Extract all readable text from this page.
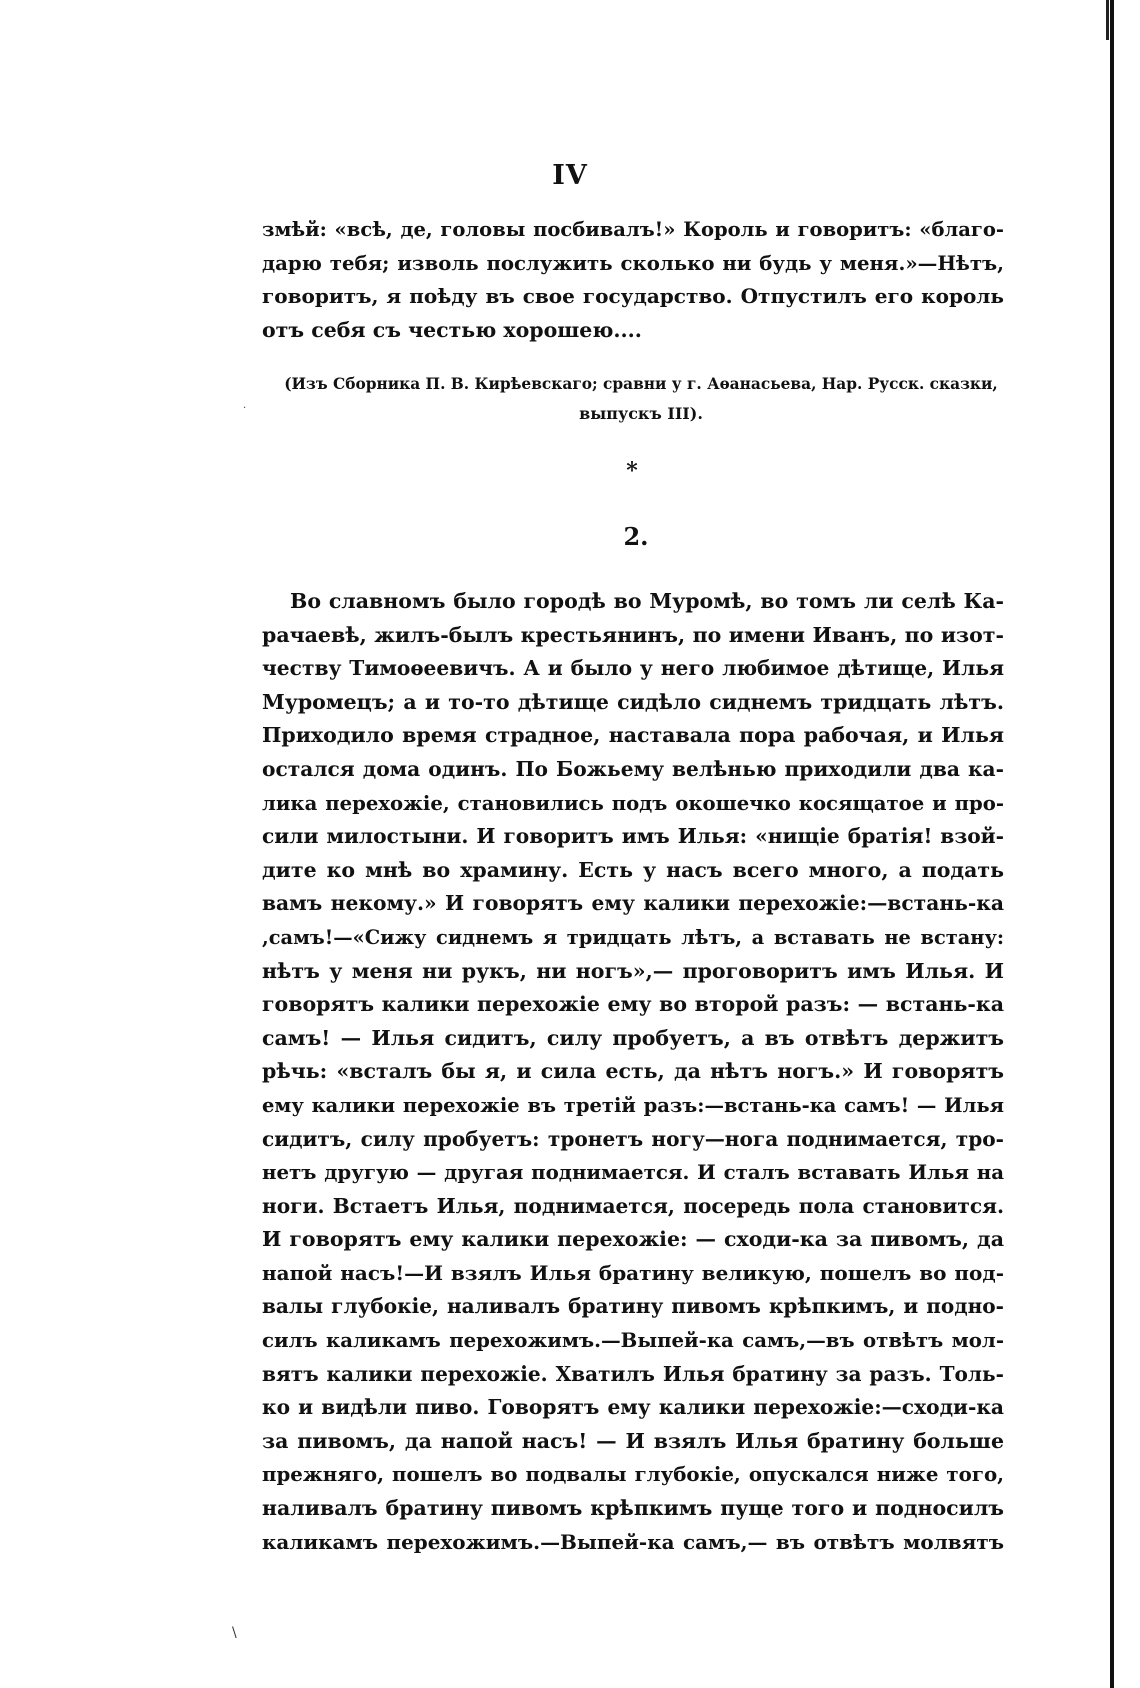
IV
змѣй: «всѣ, де, головы посбивалъ!» Король и говоритъ: «благо-
дарю тебя; изволь послужить сколько ни будь у меня.»—Нѣтъ,
говоритъ, я поѣду въ свое государство. Отпустилъ его король
отъ себя съ честью хорошею....
(Изъ Сборника П. В. Кирѣевскаго; сравни у г. Аѳанасьева, Нар. Русск. сказки,
выпускъ III).
·
*
2.
Во славномъ было городѣ во Муромѣ, во томъ ли селѣ Ка-
рачаевѣ, жилъ-былъ крестьянинъ, по имени Иванъ, по изот-
честву Тимоѳеевичъ. А и было у него любимое дѣтище, Илья
Муромецъ; а и то-то дѣтище сидѣло сиднемъ тридцать лѣтъ.
Приходило время страдное, наставала пора рабочая, и Илья
остался дома одинъ. По Божьему велѣнью приходили два ка-
лика перехожіе, становились подъ окошечко косящатое и про-
сили милостыни. И говоритъ имъ Илья: «нищіе братія! взой-
дите ко мнѣ во храмину. Есть у насъ всего много, а подать
вамъ некому.» И говорятъ ему калики перехожіе:—встань-ка
,самъ!—«Сижу сиднемъ я тридцать лѣтъ, а вставать не встану:
нѣтъ у меня ни рукъ, ни ногъ»,— проговоритъ имъ Илья. И
говорятъ калики перехожіе ему во второй разъ: — встань-ка
самъ! — Илья сидитъ, силу пробуетъ, а въ отвѣтъ держитъ
рѣчь: «всталъ бы я, и сила есть, да нѣтъ ногъ.» И говорятъ
ему калики перехожіе въ третій разъ:—встань-ка самъ! — Илья
сидитъ, силу пробуетъ: тронетъ ногу—нога поднимается, тро-
нетъ другую — другая поднимается. И сталъ вставать Илья на
ноги. Встаетъ Илья, поднимается, посередь пола становится.
И говорятъ ему калики перехожіе: — сходи-ка за пивомъ, да
напой насъ!—И взялъ Илья братину великую, пошелъ во под-
валы глубокіе, наливалъ братину пивомъ крѣпкимъ, и подно-
силъ каликамъ перехожимъ.—Выпей-ка самъ,—въ отвѣтъ мол-
вятъ калики перехожіе. Хватилъ Илья братину за разъ. Толь-
ко и видѣли пиво. Говорятъ ему калики перехожіе:—сходи-ка
за пивомъ, да напой насъ! — И взялъ Илья братину больше
прежняго, пошелъ во подвалы глубокіе, опускался ниже того,
наливалъ братину пивомъ крѣпкимъ пуще того и подносилъ
каликамъ перехожимъ.—Выпей-ка самъ,— въ отвѣтъ молвятъ
\
